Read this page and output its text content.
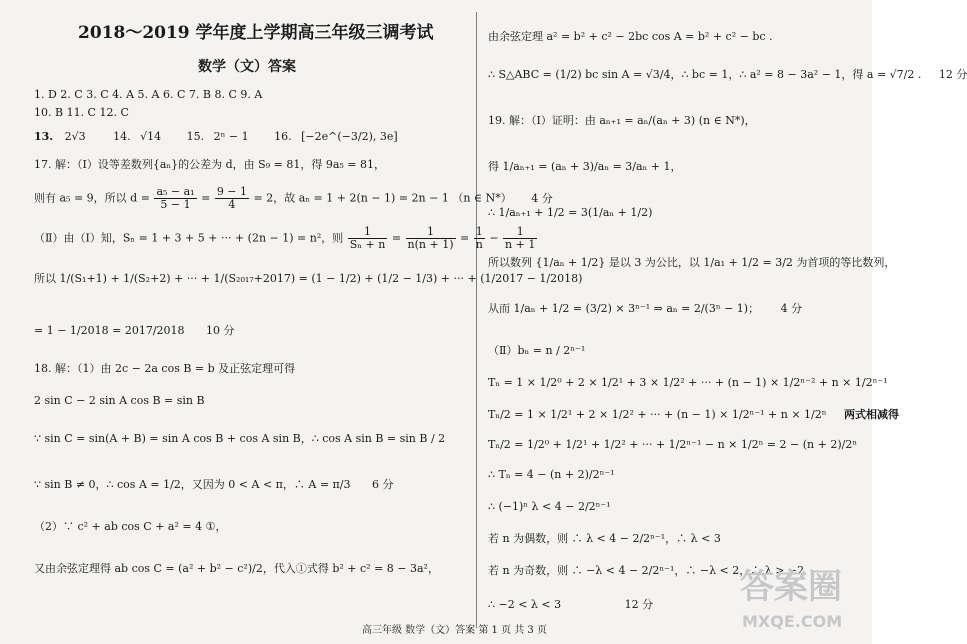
2018～2019 学年度上学期高三年级三调考试
数学（文）答案
1. D 2. C 3. C 4. A 5. A 6. C 7. B 8. C 9. A
10. B 11. C 12. C
13. 2√3	14. √14 15. 2ⁿ − 1 16. [−2e^(−3/2), 3e]
17. 解：（Ⅰ）设等差数列{aₙ}的公差为 d，由 S₉ = 81，得 9a₅ = 81，
则有 a₅ = 9，所以 $d = \frac{\text{a₅ − a₁}}{5 - 1} = \frac{9 - 1}{4} = 2$，故 aₙ = 1 + 2(n − 1) = 2n − 1 （n ∈ N*） 4 分
（Ⅱ）由（Ⅰ）知，Sₙ = 1 + 3 + 5 + ··· + (2n − 1) = n²，则 $\frac{1}{\text{Sₙ + n}} = \frac{1}{n(n + 1)} = \frac{1}{n} - \frac{1}{n + 1}$
所以 1/(S₁+1) + 1/(S₂+2) + ··· + 1/(S₂₀₁₇+2017) = (1 − 1/2) + (1/2 − 1/3) + ··· + (1/2017 − 1/2018)
= 1 − 1/2018 = 2017/2018 10 分
18. 解：（1）由 2c − 2a cos B = b 及正弦定理可得
2 sin C − 2 sin A cos B = sin B
∵ sin C = sin(A + B) = sin A cos B + cos A sin B，∴ cos A sin B = sin B / 2
∵ sin B ≠ 0，∴ cos A = 1/2，又因为 0 < A < π，∴ A = π/3 6 分
（2）∵ c² + ab cos C + a² = 4 ①，
又由余弦定理得 ab cos C = (a² + b² − c²)/2，代入①式得 b² + c² = 8 − 3a²，
由余弦定理 a² = b² + c² − 2bc cos A = b² + c² − bc .
∴ S△ABC = (1/2) bc sin A = √3/4，∴ bc = 1，∴ a² = 8 − 3a² − 1，得 a = √7/2 . 12 分
19. 解：（Ⅰ）证明：由 aₙ₊₁ = aₙ/(aₙ + 3) (n ∈ N*)，
得 1/aₙ₊₁ = (aₙ + 3)/aₙ = 3/aₙ + 1，
∴ 1/aₙ₊₁ + 1/2 = 3(1/aₙ + 1/2)
所以数列 {1/aₙ + 1/2} 是以 3 为公比，以 1/a₁ + 1/2 = 3/2 为首项的等比数列，
从而 1/aₙ + 1/2 = (3/2) × 3ⁿ⁻¹ ⇒ aₙ = 2/(3ⁿ − 1)； 4 分
（Ⅱ）bₙ = n / 2ⁿ⁻¹
Tₙ = 1 × 1/2⁰ + 2 × 1/2¹ + 3 × 1/2² + ··· + (n − 1) × 1/2ⁿ⁻² + n × 1/2ⁿ⁻¹
Tₙ/2 = 1 × 1/2¹ + 2 × 1/2² + ··· + (n − 1) × 1/2ⁿ⁻¹ + n × 1/2ⁿ 两式相减得
Tₙ/2 = 1/2⁰ + 1/2¹ + 1/2² + ··· + 1/2ⁿ⁻¹ − n × 1/2ⁿ = 2 − (n + 2)/2ⁿ
∴ Tₙ = 4 − (n + 2)/2ⁿ⁻¹
∴ (−1)ⁿ λ < 4 − 2/2ⁿ⁻¹
若 n 为偶数，则 ∴ λ < 4 − 2/2ⁿ⁻¹，∴ λ < 3
若 n 为奇数，则 ∴ −λ < 4 − 2/2ⁿ⁻¹，∴ −λ < 2，∴ λ > −2
∴ −2 < λ < 3	12 分	答案圈
MXQE.COM
高三年级 数学（文）答案 第 1 页 共 3 页
